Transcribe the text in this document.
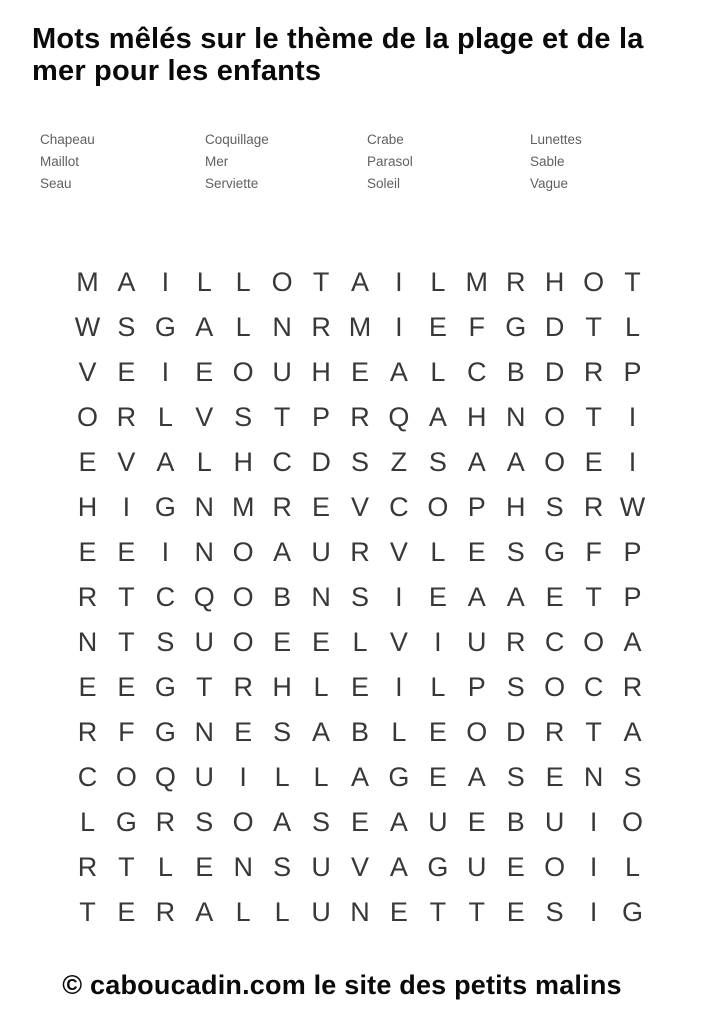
Mots mêlés sur le thème de la plage et de la mer pour les enfants
Chapeau
Maillot
Seau
Coquillage
Mer
Serviette
Crabe
Parasol
Soleil
Lunettes
Sable
Vague
M A I	L L O T A I	L M R H O T
W S G A L N R M I E F G D T L
V E I E O U H E A L C B D R P
O R L V S T P R Q A H N O T I
E V A L H C D S Z S A A O E I
H I G N M R E V C O P H S R W
E E I N O A U R V L E S G F P
R T C Q O B N S I E A A E T P
N T S U O E E L V I U R C O A
E E G T R H L E I	L P S O C R
R F G N E S A B L E O D R T A
C O Q U I	L L A G E A S E N S
L G R S O A S E A U E B U I O
R T L E N S U V A G U E O I	L
T E R A L L U N E T T E S I G

© caboucadin.com le site des petits malins
